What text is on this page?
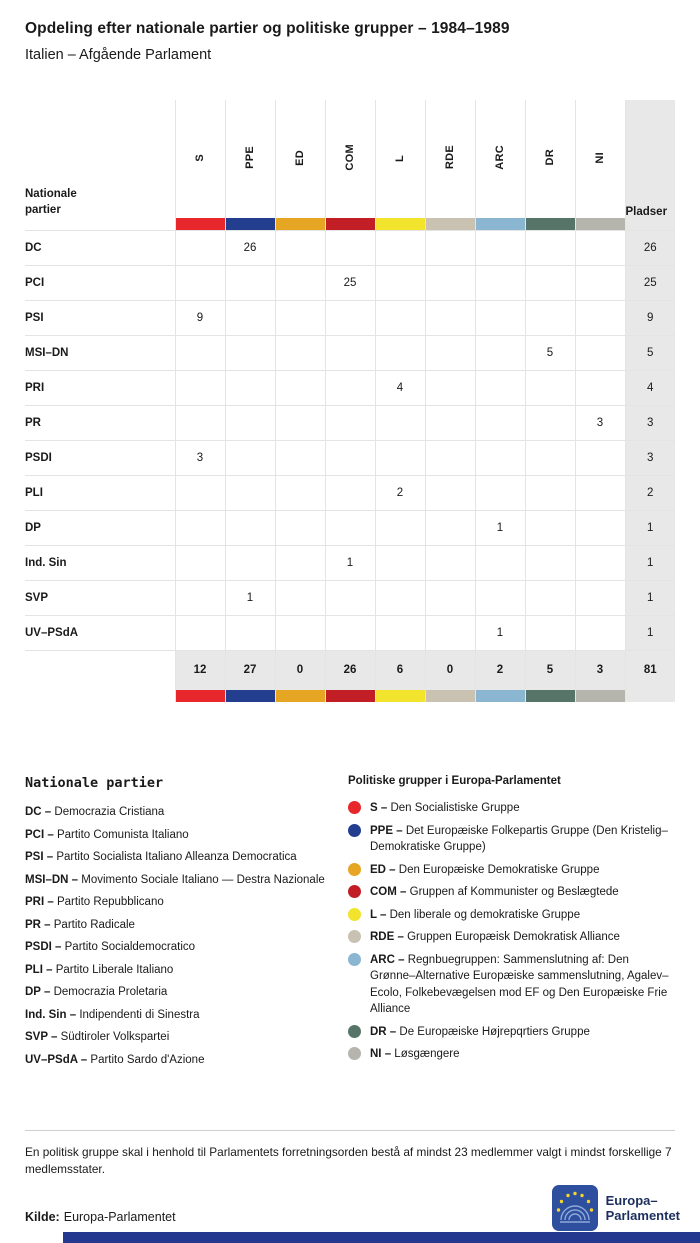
Opdeling efter nationale partier og politiske grupper – 1984–1989
Italien – Afgående Parlament
Nationale partier	S	PPE	ED	COM	L	RDE	ARC	DR	NI	Pladser

DC		26								26
PCI				25						25
PSI	9									9
MSI–DN								5		5
PRI					4					4
PR									3	3
PSDI	3									3
PLI					2					2
DP							1			1
Ind. Sin				1						1
SVP		1								1
UV–PSdA							1			1
	12	27	0	26	6	0	2	5	3	81

Nationale partier
DC – Democrazia Cristiana
PCI – Partito Comunista Italiano
PSI – Partito Socialista Italiano Alleanza Democratica
MSI–DN – Movimento Sociale Italiano — Destra Nazionale
PRI – Partito Repubblicano
PR – Partito Radicale
PSDI – Partito Socialdemocratico
PLI – Partito Liberale Italiano
DP – Democrazia Proletaria
Ind. Sin – Indipendenti di Sinestra
SVP – Südtiroler Volkspartei
UV–PSdA – Partito Sardo d'Azione
Politiske grupper i Europa-Parlamentet
S – Den Socialistiske Gruppe
PPE – Det Europæiske Folkepartis Gruppe (Den Kristelig–Demokratiske Gruppe)
ED – Den Europæiske Demokratiske Gruppe
COM – Gruppen af Kommunister og Beslægtede
L – Den liberale og demokratiske Gruppe
RDE – Gruppen Europæisk Demokratisk Alliance
ARC – Regnbuegruppen: Sammenslutning af: Den Grønne–Alternative Europæiske sammenslutning, Agalev–Ecolo, Folkebevægelsen mod EF og Den Europæiske Frie Alliance
DR – De Europæiske Højrepqrtiers Gruppe
NI – Løsgængere
En politisk gruppe skal i henhold til Parlamentets forretningsorden bestå af mindst 23 medlemmer valgt i mindst forskellige 7 medlemsstater.
Kilde: Europa-Parlamentet
Europa–
Parlamentet
